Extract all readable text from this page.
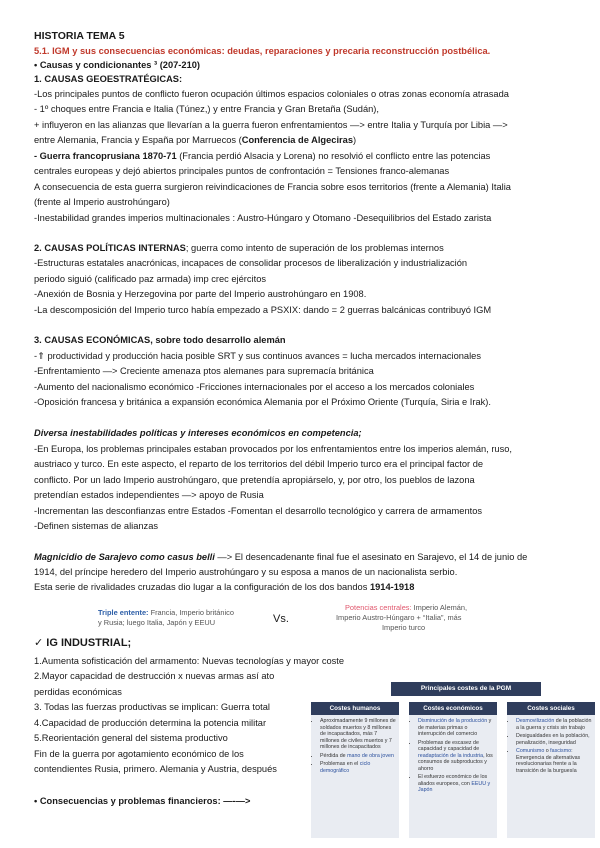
HISTORIA TEMA 5
5.1. IGM y sus consecuencias económicas: deudas, reparaciones y precaria reconstrucción postbélica.
• Causas y condicionantes ³ (207-210)
1. CAUSAS GEOESTRATÉGICAS:
-Los principales puntos de conflicto fueron ocupación últimos espacios coloniales o otras zonas economía atrasada
- 1º choques entre Francia e Italia (Túnez,) y entre Francia y Gran Bretaña (Sudán),
+ influyeron en las alianzas que llevarían a la guerra fueron enfrentamientos —> entre Italia y Turquía por Libia —>
entre Alemania, Francia y España por Marruecos (Conferencia de Algeciras)
- Guerra francoprusiana 1870-71 (Francia perdió Alsacia y Lorena) no resolvió el conflicto entre las potencias
centrales europeas y dejó abiertos principales puntos de confrontación = Tensiones franco-alemanas
A consecuencia de esta guerra surgieron reivindicaciones de Francia sobre esos territorios (frente a Alemania) Italia
(frente al Imperio austrohúngaro)
-Inestabilidad grandes imperios multinacionales : Austro-Húngaro y Otomano -Desequilibrios del Estado zarista
2. CAUSAS POLÍTICAS INTERNAS; guerra como intento de superación de los problemas internos
-Estructuras estatales anacrónicas, incapaces de consolidar procesos de liberalización y industrialización
periodo siguió (calificado paz armada) imp crec ejércitos
-Anexión de Bosnia y Herzegovina por parte del Imperio austrohúngaro en 1908.
-La descomposición del Imperio turco había empezado a PSXIX: dando = 2 guerras balcánicas contribuyó IGM
3. CAUSAS ECONÓMICAS, sobre todo desarrollo alemán
-⇑ productividad y producción hacia posible SRT y sus continuos avances = lucha mercados internacionales
-Enfrentamiento —> Creciente amenaza ptos alemanes para supremacía británica
-Aumento del nacionalismo económico -Fricciones internacionales por el acceso a los mercados coloniales
-Oposición francesa y británica a expansión económica Alemania por el Próximo Oriente (Turquía, Siria e Irak).
Diversa inestabilidades políticas y intereses económicos en competencia;
-En Europa, los problemas principales estaban provocados por los enfrentamientos entre los imperios alemán, ruso,
austriaco y turco. En este aspecto, el reparto de los territorios del débil Imperio turco era el principal factor de
conflicto. Por un lado Imperio austrohúngaro, que pretendía apropiárselo, y, por otro, los pueblos de lazona
pretendían estados independientes —> apoyo de Rusia
-Incrementan las desconfianzas entre Estados -Fomentan el desarrollo tecnológico y carrera de armamentos
-Definen sistemas de alianzas
Magnicidio de Sarajevo como casus belli —> El desencadenante final fue el asesinato en Sarajevo, el 14 de junio de
1914, del príncipe heredero del Imperio austrohúngaro y su esposa a manos de un nacionalista serbio.
Esta serie de rivalidades cruzadas dio lugar a la configuración de los dos bandos 1914-1918
Triple entente: Francia, Imperio británico
y Rusia; luego Italia, Japón y EEUU	Vs.
Potencias centrales: Imperio Alemán,
Imperio Austro-Húngaro + “Italia”, más
Imperio turco
✓ IG INDUSTRIAL;
1.Aumenta sofisticación del armamento: Nuevas tecnologías y mayor coste
2.Mayor capacidad de destrucción x nuevas armas así ato
perdidas económicas
3. Todas las fuerzas productivas se implican: Guerra total
4.Capacidad de producción determina la potencia militar
5.Reorientación general del sistema productivo
Fin de la guerra por agotamiento económico de los
contendientes Rusia, primero. Alemania y Austria, después
• Consecuencias y problemas financieros: —-—>
Principales costes de la PGM
Costes humanos
• Aproximadamente 9 millones de soldados muertos y 8 millones de incapacitados, más 7 millones de civiles muertos y 7 millones de incapacitados
• Pérdida de mano de obra joven
• Problemas en el ciclo demográfico
Costes económicos
• Disminución de la producción y de materias primas o interrupción del comercio
• Problemas de escasez de capacidad y capacidad de readaptación de la industria, los consumos de subproductos y ahorro
• El esfuerzo económico de los aliados europeos, con EEUU y Japón
Costes sociales
• Desmovilización de la población a la guerra y crisis sin trabajo
• Desigualdades en la población, penalización, inseguridad
• Comunismo o fascismo: Emergencia de alternativas revolucionarias frente a la transición de la burguesía
